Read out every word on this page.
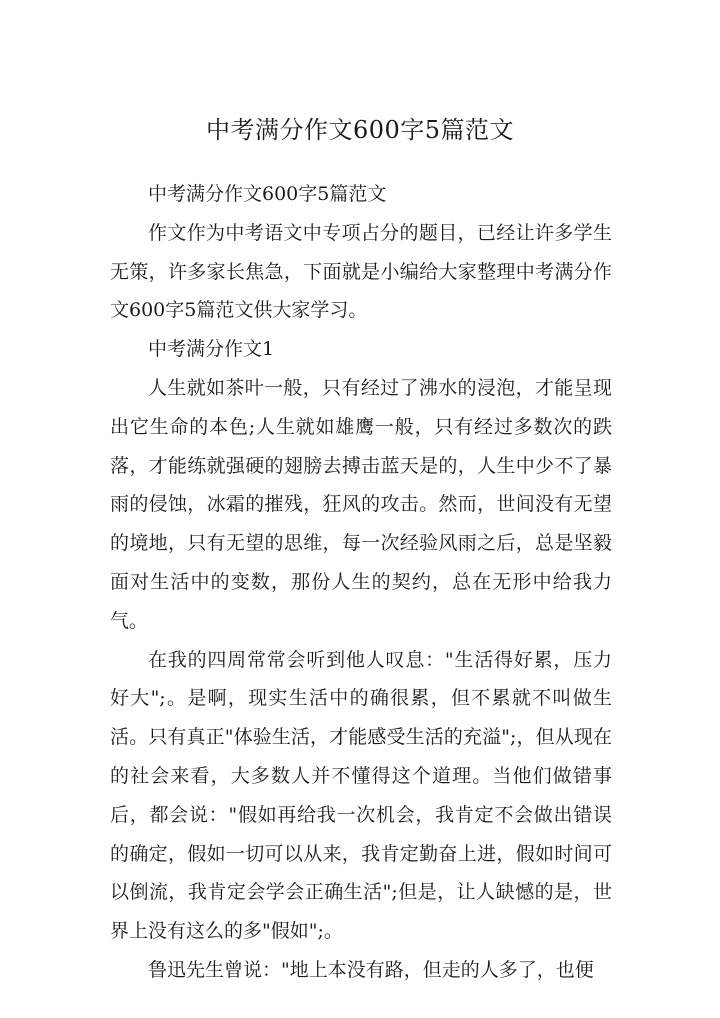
中考满分作文600字5篇范文

中考满分作文600字5篇范文

作文作为中考语文中专项占分的题目，已经让许多学生无策，许多家长焦急，下面就是小编给大家整理中考满分作文600字5篇范文供大家学习。

中考满分作文1

人生就如茶叶一般，只有经过了沸水的浸泡，才能呈现出它生命的本色;人生就如雄鹰一般，只有经过多数次的跌落，才能练就强硬的翅膀去搏击蓝天是的，人生中少不了暴雨的侵蚀，冰霜的摧残，狂风的攻击。然而，世间没有无望的境地，只有无望的思维，每一次经验风雨之后，总是坚毅面对生活中的变数，那份人生的契约，总在无形中给我力气。

在我的四周常常会听到他人叹息："生活得好累，压力好大";。是啊，现实生活中的确很累，但不累就不叫做生活。只有真正"体验生活，才能感受生活的充溢";，但从现在的社会来看，大多数人并不懂得这个道理。当他们做错事后，都会说："假如再给我一次机会，我肯定不会做出错误的确定，假如一切可以从来，我肯定勤奋上进，假如时间可以倒流，我肯定会学会正确生活";但是，让人缺憾的是，世界上没有这么的多"假如";。

鲁迅先生曾说："地上本没有路，但走的人多了，也便
